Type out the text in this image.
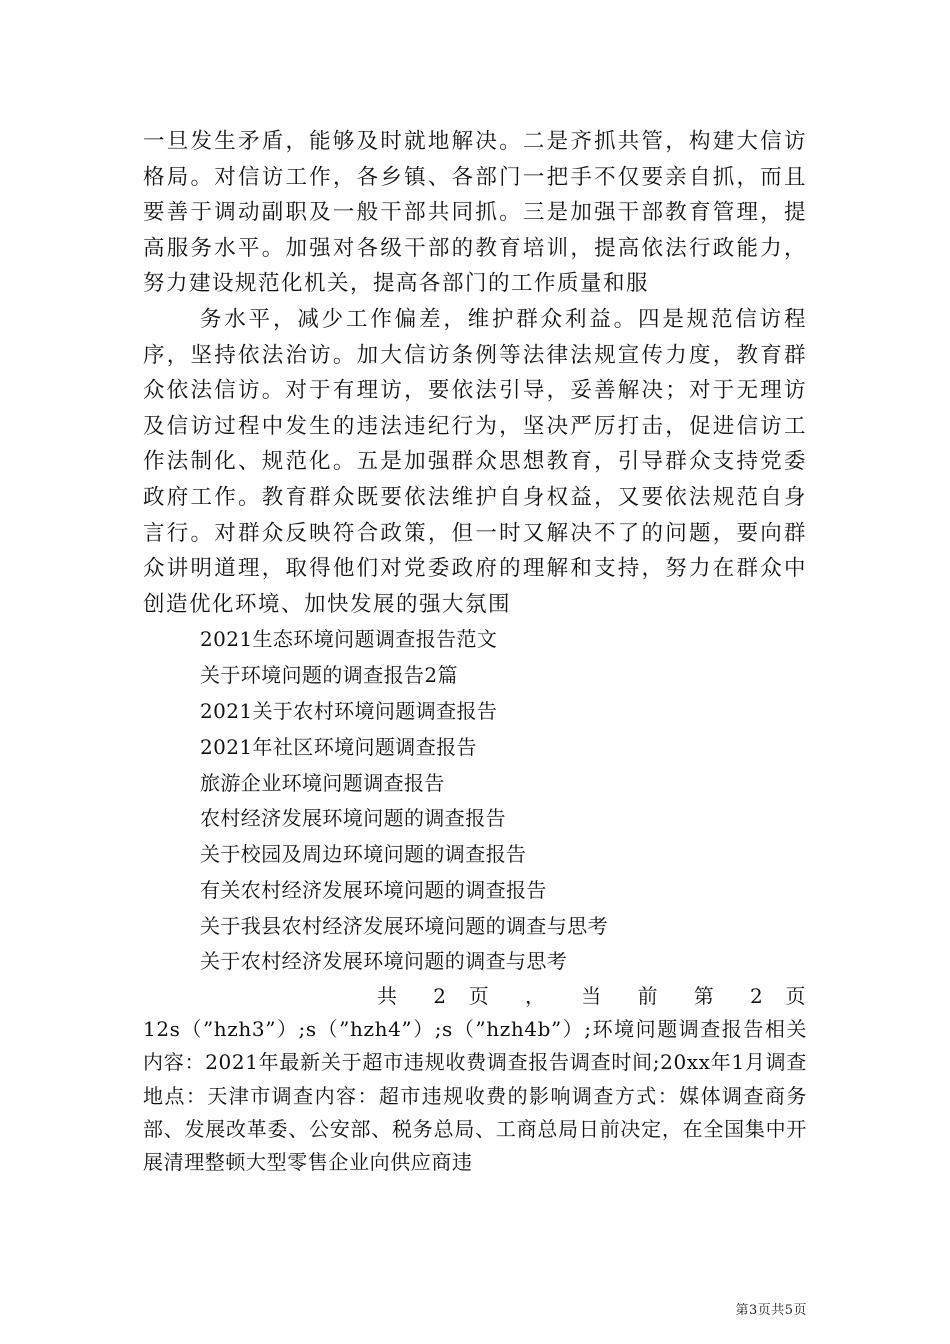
一旦发生矛盾，能够及时就地解决。二是齐抓共管，构建大信访格局。对信访工作，各乡镇、各部门一把手不仅要亲自抓，而且要善于调动副职及一般干部共同抓。三是加强干部教育管理，提高服务水平。加强对各级干部的教育培训，提高依法行政能力，努力建设规范化机关，提高各部门的工作质量和服

务水平，减少工作偏差，维护群众利益。四是规范信访程序，坚持依法治访。加大信访条例等法律法规宣传力度，教育群众依法信访。对于有理访，要依法引导，妥善解决；对于无理访及信访过程中发生的违法违纪行为，坚决严厉打击，促进信访工作法制化、规范化。五是加强群众思想教育，引导群众支持党委政府工作。教育群众既要依法维护自身权益，又要依法规范自身言行。对群众反映符合政策，但一时又解决不了的问题，要向群众讲明道理，取得他们对党委政府的理解和支持，努力在群众中创造优化环境、加快发展的强大氛围

2021生态环境问题调查报告范文
关于环境问题的调查报告2篇
2021关于农村环境问题调查报告
2021年社区环境问题调查报告
旅游企业环境问题调查报告
农村经济发展环境问题的调查报告
关于校园及周边环境问题的调查报告
有关农村经济发展环境问题的调查报告
关于我县农村经济发展环境问题的调查与思考
关于农村经济发展环境问题的调查与思考

共 2 页 ， 当 前 第 2 页

12s（”hzh3”）;s（”hzh4”）;s（”hzh4b”）;环境问题调查报告相关内容：2021年最新关于超市违规收费调查报告调查时间;20xx年1月调查地点：天津市调查内容：超市违规收费的影响调查方式：媒体调查商务部、发展改革委、公安部、税务总局、工商总局日前决定，在全国集中开展清理整顿大型零售企业向供应商违

第3页共5页
